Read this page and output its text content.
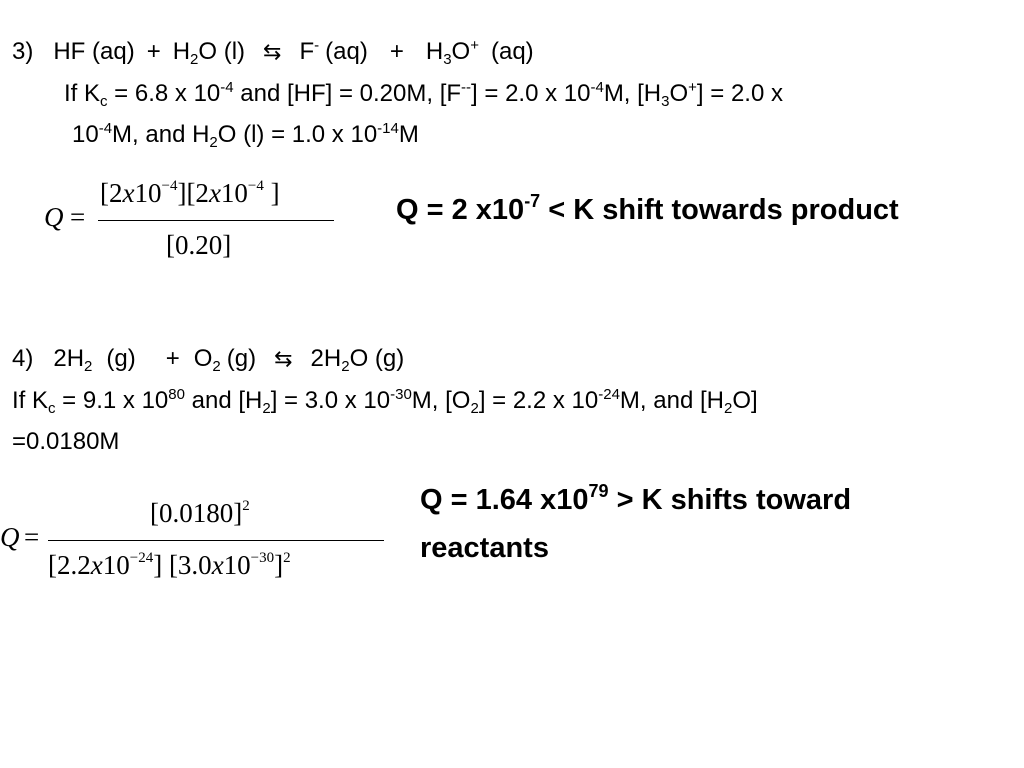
3) HF $(aq) + H_2O$ (l) ⇆ F- $(aq) + H_3O^+$ (aq)
If $K_c = 6.8$ x $10^{-4}$ and [HF] = 0.20M, [F--] = 2.0 x $10^{-4}M$, $[H_3O^+] = 2.0$ x
$10^{-4}M$, and $H_2O$ (l) = 1.0 x $10^{-14}M$
Q =
$[2x10^{-4}][2x10^{-4}$ ]
[0.20]
Q = 2 $x10^{-7} < K$ shift towards product
4) $2H_2$ $(g) + O_2$ (g) ⇆ $2H_2O$ (g)
If $K_c = 9.1$ x $10^{80}$ and $[H_2] = 3.0$ x $10^{-30}M$, $[O_2] = 2.2$ x $10^{-24}M$, and $[H_2O]$
=0.0180M
Q =
$[0.0180]^2$
$[2.2x10^{-24}]$ $[3.0x10^{-30}]^2$
Q = 1.64 $x10^{79} > K$ shifts toward
reactants
